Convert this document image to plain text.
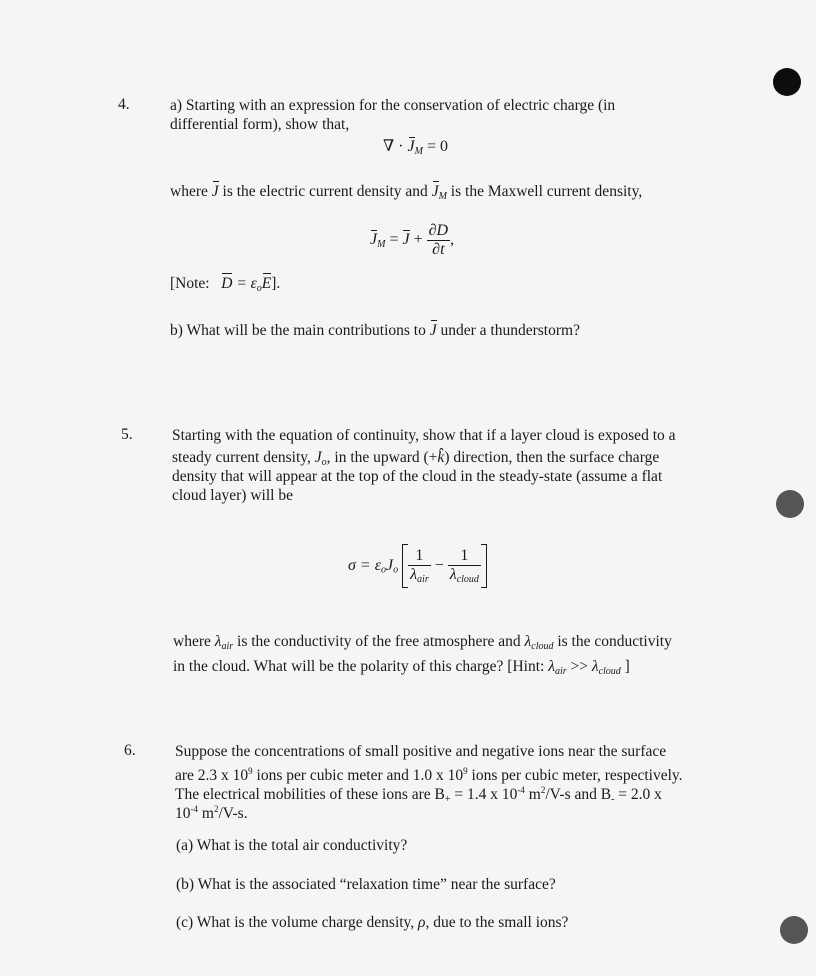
4.	a) Starting with an expression for the conservation of electric charge (in
differential form), show that,
∇ · $J_M = 0$
where J is the electric current density and $J_M$ is the Maxwell current density,
$J_M = J + \frac{\partial D}{\partial t}$ ,
[Note: $D = \varepsilon_oE$].
b) What will be the main contributions to J under a thunderstorm?
5.	Starting with the equation of continuity, show that if a layer cloud is exposed to a
steady current density, $J_o$, in the upward (+k̂) direction, then the surface charge
density that will appear at the top of the cloud in the steady-state (assume a flat
cloud layer) will be
$\sigma = \varepsilon_oJ_o \frac{1}{\lambda_{air}} - \frac{1}{\lambda_{cloud}}$
where $\lambda_{air}$ is the conductivity of the free atmosphere and $\lambda_{cloud}$ is the conductivity
in the cloud. What will be the polarity of this charge? [Hint: $\lambda_{air} >> \lambda_{cloud}$ ]
6.	Suppose the concentrations of small positive and negative ions near the surface
are 2.3 x $10^9$ ions per cubic meter and 1.0 x $10^9$ ions per cubic meter, respectively.
The electrical mobilities of these ions are $B_+ = 1.4$ x $10^{-4}$ $m^2/V-s$ and $B_- = 2.0$ x
$10^{-4}$ $m^2/V-s$.
(a) What is the total air conductivity?
(b) What is the associated “relaxation time” near the surface?
(c) What is the volume charge density, ρ, due to the small ions?
